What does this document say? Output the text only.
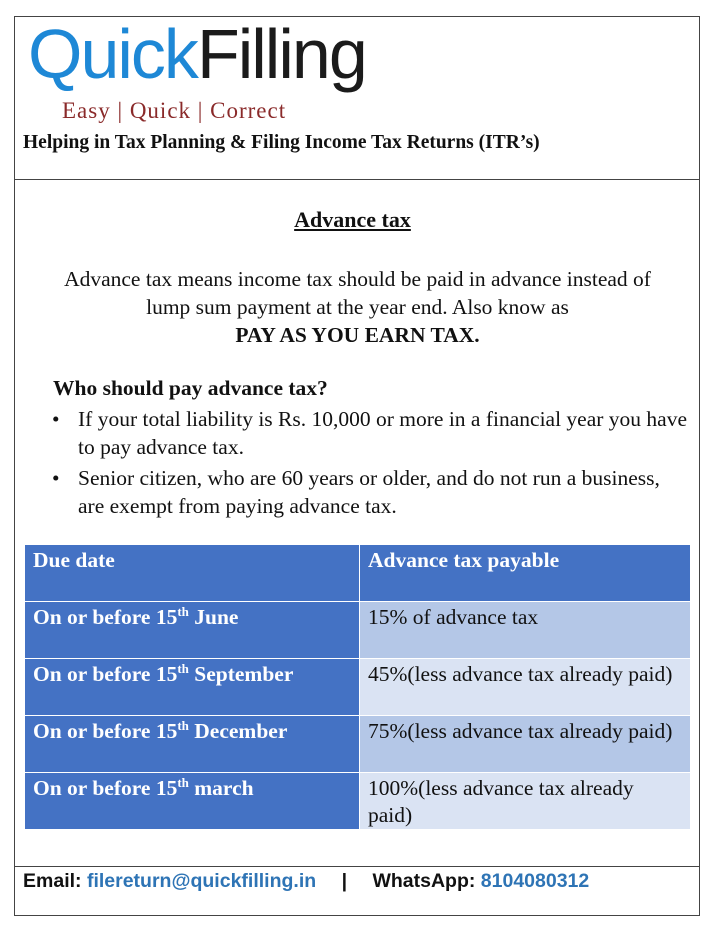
QuickFilling
Easy | Quick | Correct
Helping in Tax Planning & Filing Income Tax Returns (ITR’s)
Advance tax
Advance tax means income tax should be paid in advance instead of lump sum payment at the year end. Also know as
PAY AS YOU EARN TAX.
Who should pay advance tax?
• If your total liability is Rs. 10,000 or more in a financial year you have to pay advance tax.
• Senior citizen, who are 60 years or older, and do not run a business, are exempt from paying advance tax.
Due date	Advance tax payable
On or before 15th June	15% of advance tax
On or before 15th September	45%(less advance tax already paid)
On or before 15th December	75%(less advance tax already paid)
On or before 15th march	100%(less advance tax already paid)
Email: filereturn@quickfilling.in | WhatsApp: 8104080312
